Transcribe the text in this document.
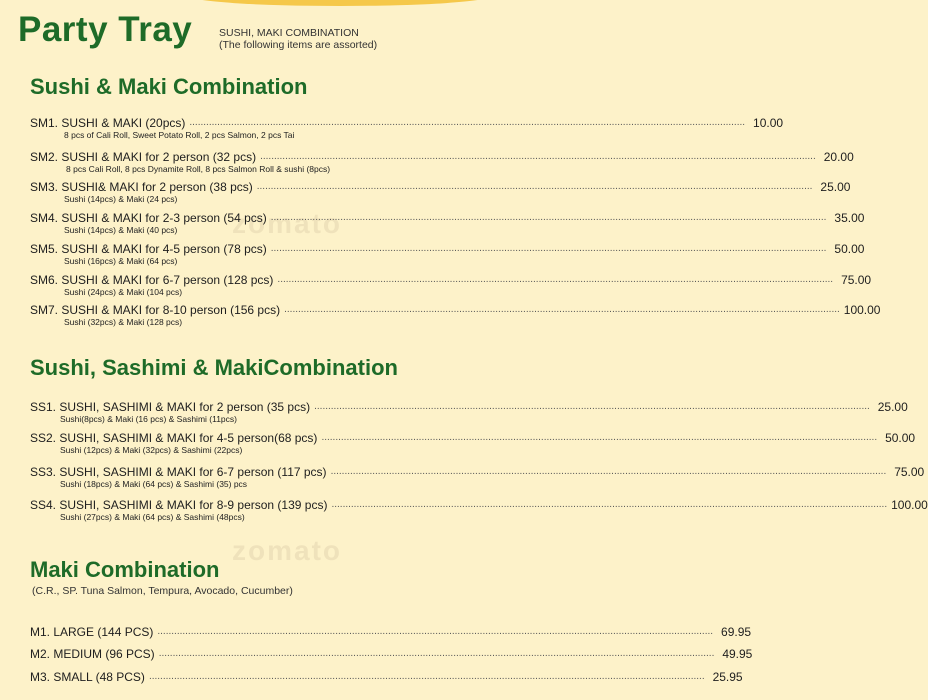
Party Tray	SUSHI, MAKI COMBINATION
(The following items are assorted)
zomato
zomato
Sushi & Maki Combination
SM1. SUSHI & MAKI (20pcs) ........................................................................................................................................................................................................ 10.00
8 pcs of Cali Roll, Sweet Potato Roll, 2 pcs Salmon, 2 pcs Tai
SM2. SUSHI & MAKI for 2 person (32 pcs) ........................................................................................................................................................................................................ 20.00
8 pcs Cali Roll, 8 pcs Dynamite Roll, 8 pcs Salmon Roll & sushi (8pcs)
SM3. SUSHI& MAKI for 2 person (38 pcs) ........................................................................................................................................................................................................ 25.00
Sushi (14pcs) & Maki (24 pcs)
SM4. SUSHI & MAKI for 2-3 person (54 pcs) ........................................................................................................................................................................................................ 35.00
Sushi (14pcs) & Maki (40 pcs)
SM5. SUSHI & MAKI for 4-5 person (78 pcs) ........................................................................................................................................................................................................ 50.00
Sushi (16pcs) & Maki (64 pcs)
SM6. SUSHI & MAKI for 6-7 person (128 pcs) ........................................................................................................................................................................................................ 75.00
Sushi (24pcs) & Maki (104 pcs)
SM7. SUSHI & MAKI for 8-10 person (156 pcs) ........................................................................................................................................................................................................ 100.00
Sushi (32pcs) & Maki (128 pcs)
Sushi, Sashimi & MakiCombination
SS1. SUSHI, SASHIMI & MAKI for 2 person (35 pcs) ........................................................................................................................................................................................................ 25.00
Sushi(8pcs) & Maki (16 pcs) & Sashimi (11pcs)
SS2. SUSHI, SASHIMI & MAKI for 4-5 person(68 pcs) ........................................................................................................................................................................................................ 50.00
Sushi (12pcs) & Maki (32pcs) & Sashimi (22pcs)
SS3. SUSHI, SASHIMI & MAKI for 6-7 person (117 pcs) ........................................................................................................................................................................................................ 75.00
Sushi (18pcs) & Maki (64 pcs) & Sashimi (35) pcs
SS4. SUSHI, SASHIMI & MAKI for 8-9 person (139 pcs) ........................................................................................................................................................................................................ 100.00
Sushi (27pcs) & Maki (64 pcs) & Sashimi (48pcs)
Maki Combination
(C.R., SP. Tuna Salmon, Tempura, Avocado, Cucumber)
M1. LARGE (144 PCS) ........................................................................................................................................................................................................ 69.95
M2. MEDIUM (96 PCS) ........................................................................................................................................................................................................ 49.95
M3. SMALL (48 PCS) ........................................................................................................................................................................................................ 25.95
